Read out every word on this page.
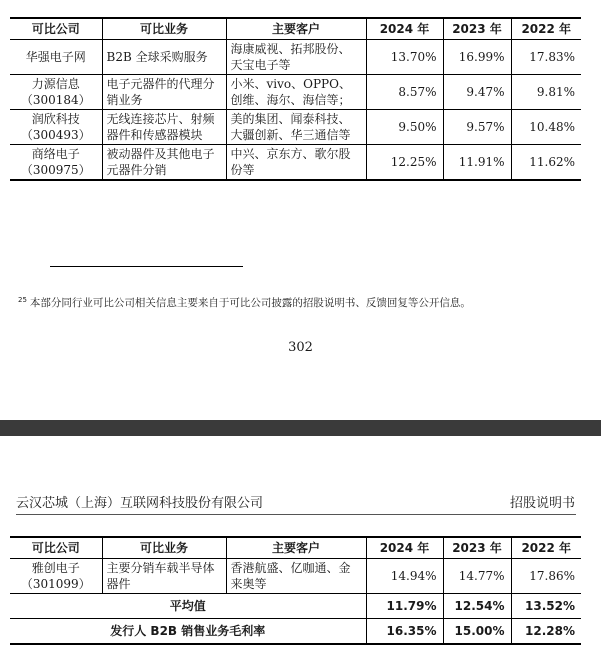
可比公司	可比业务	主要客户	2024 年	2023 年	2022 年
华强电子网	B2B 全球采购服务	海康威视、拓邦股份、天宝电子等	13.70%	16.99%	17.83%
力源信息（300184）	电子元器件的代理分销业务	小米、vivo、OPPO、创维、海尔、海信等；	8.57%	9.47%	9.81%
润欣科技（300493）	无线连接芯片、射频器件和传感器模块	美的集团、闻泰科技、大疆创新、华三通信等	9.50%	9.57%	10.48%
商络电子（300975）	被动器件及其他电子元器件分销	中兴、京东方、歌尔股份等	12.25%	11.91%	11.62%
$^{25}$ 本部分同行业可比公司相关信息主要来自于可比公司披露的招股说明书、反馈回复等公开信息。
302
云汉芯城（上海）互联网科技股份有限公司	招股说明书
可比公司	可比业务	主要客户	2024 年	2023 年	2022 年
雅创电子（301099）	主要分销车载半导体器件	香港航盛、亿咖通、金来奥等	14.94%	14.77%	17.86%
平均值			11.79%	12.54%	13.52%
发行人 B2B 销售业务毛利率			16.35%	15.00%	12.28%
